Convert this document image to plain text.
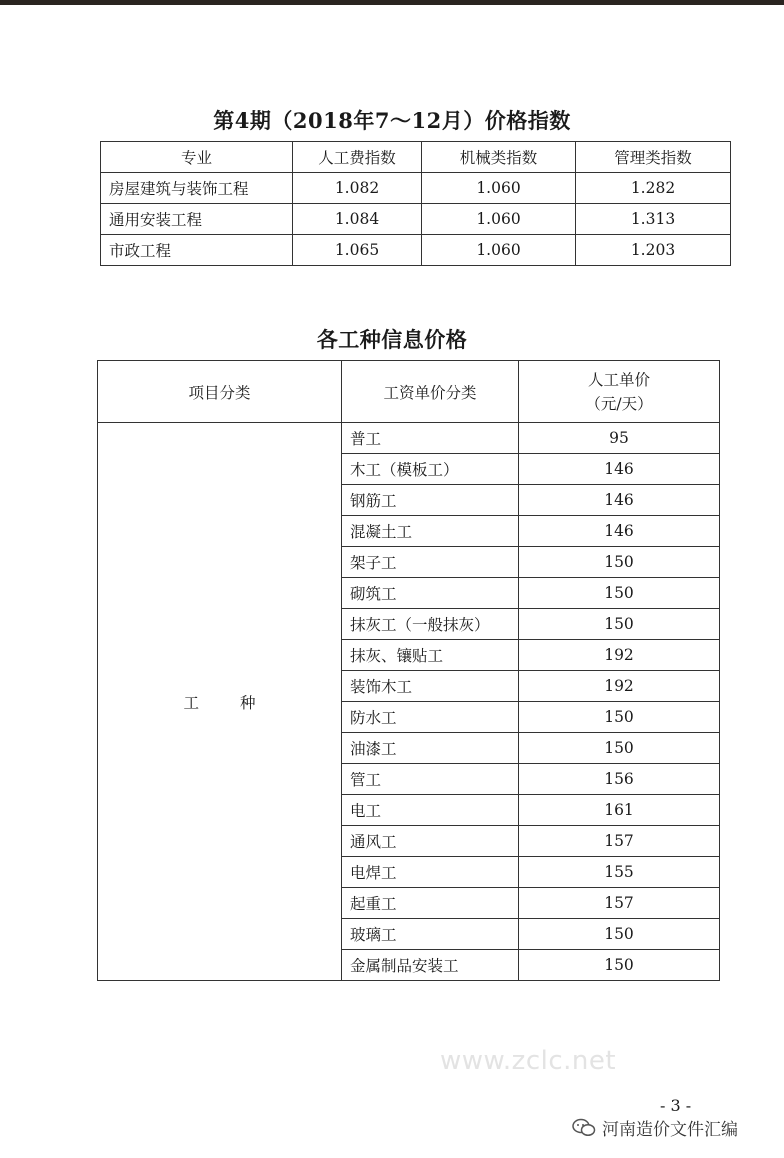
第4期（2018年7～12月）价格指数
专业	人工费指数	机械类指数	管理类指数
房屋建筑与装饰工程	1.082	1.060	1.282
通用安装工程	1.084	1.060	1.313
市政工程	1.065	1.060	1.203
各工种信息价格
项目分类	工资单价分类	人工单价
（元/天）

工 种	普工	95
	木工（模板工）	146
	钢筋工	146
	混凝土工	146
	架子工	150
	砌筑工	150
	抹灰工（一般抹灰）	150
	抹灰、镶贴工	192
	装饰木工	192
	防水工	150
	油漆工	150
	管工	156
	电工	161
	通风工	157
	电焊工	155
	起重工	157
	玻璃工	150
	金属制品安装工	150
www.zclc.net
- 3 -
河南造价文件汇编
